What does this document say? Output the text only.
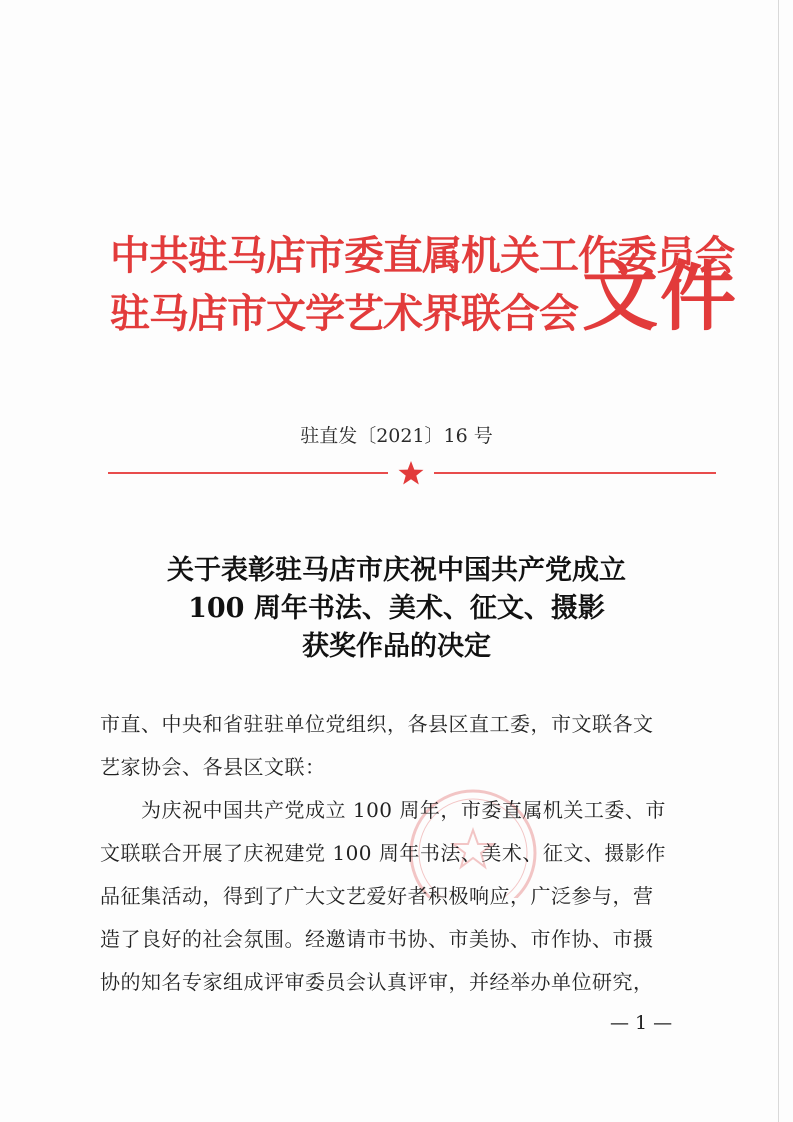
中共驻马店市委直属机关工作委员会
驻马店市文学艺术界联合会 文件
驻直发〔2021〕16 号
关于表彰驻马店市庆祝中国共产党成立
100 周年书法、美术、征文、摄影
获奖作品的决定
市直、中央和省驻驻单位党组织，各县区直工委，市文联各文
艺家协会、各县区文联：
　　为庆祝中国共产党成立 100 周年，市委直属机关工委、市
文联联合开展了庆祝建党 100 周年书法、美术、征文、摄影作
品征集活动，得到了广大文艺爱好者积极响应，广泛参与，营
造了良好的社会氛围。经邀请市书协、市美协、市作协、市摄
协的知名专家组成评审委员会认真评审，并经举办单位研究，
— 1 —
